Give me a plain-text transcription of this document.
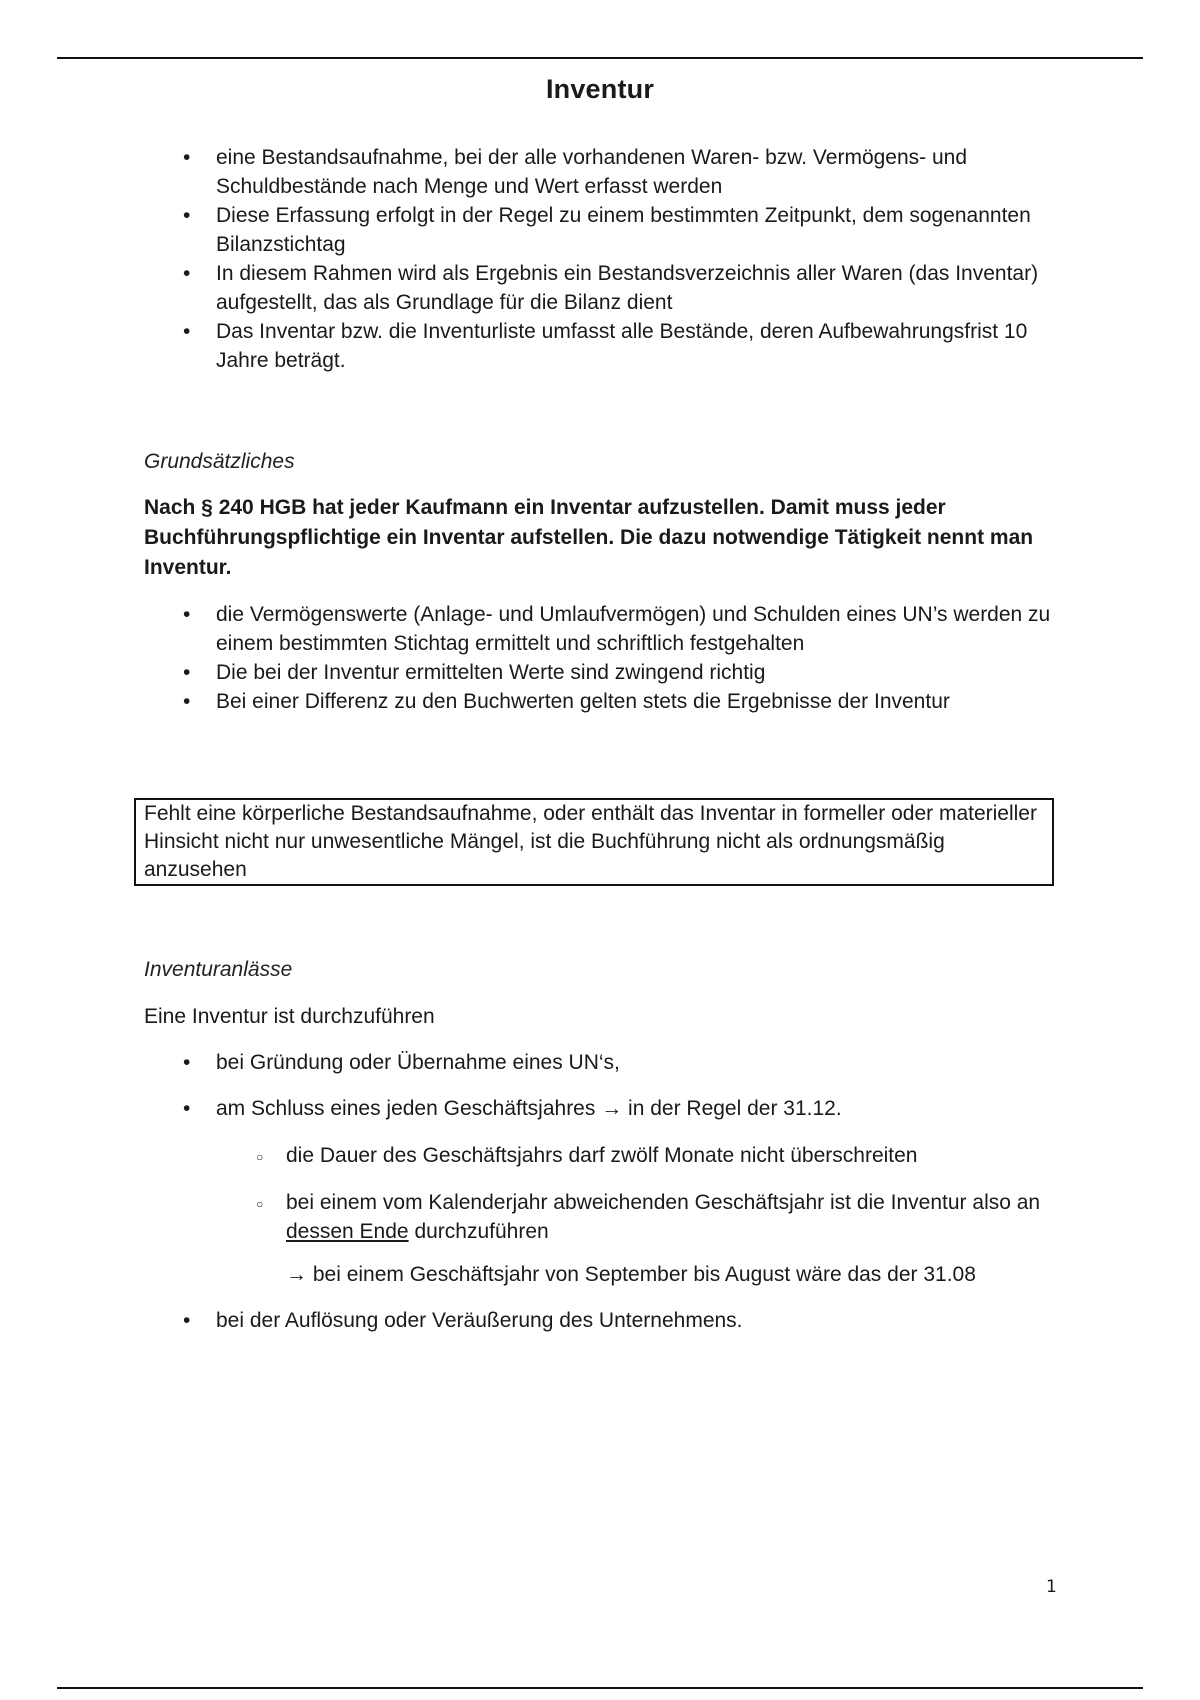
Inventur
• eine Bestandsaufnahme, bei der alle vorhandenen Waren- bzw. Vermögens- und Schuldbestände nach Menge und Wert erfasst werden
• Diese Erfassung erfolgt in der Regel zu einem bestimmten Zeitpunkt, dem sogenannten Bilanzstichtag
• In diesem Rahmen wird als Ergebnis ein Bestandsverzeichnis aller Waren (das Inventar) aufgestellt, das als Grundlage für die Bilanz dient
• Das Inventar bzw. die Inventurliste umfasst alle Bestände, deren Aufbewahrungsfrist 10 Jahre beträgt.
Grundsätzliches
Nach § 240 HGB hat jeder Kaufmann ein Inventar aufzustellen. Damit muss jeder Buchführungspflichtige ein Inventar aufstellen. Die dazu notwendige Tätigkeit nennt man Inventur.
• die Vermögenswerte (Anlage- und Umlaufvermögen) und Schulden eines UN’s werden zu einem bestimmten Stichtag ermittelt und schriftlich festgehalten
• Die bei der Inventur ermittelten Werte sind zwingend richtig
• Bei einer Differenz zu den Buchwerten gelten stets die Ergebnisse der Inventur
Fehlt eine körperliche Bestandsaufnahme, oder enthält das Inventar in formeller oder materieller Hinsicht nicht nur unwesentliche Mängel, ist die Buchführung nicht als ordnungsmäßig anzusehen
Inventuranlässe
Eine Inventur ist durchzuführen
• bei Gründung oder Übernahme eines UN‘s,
• am Schluss eines jeden Geschäftsjahres → in der Regel der 31.12.
○ die Dauer des Geschäftsjahrs darf zwölf Monate nicht überschreiten
○ bei einem vom Kalenderjahr abweichenden Geschäftsjahr ist die Inventur also an dessen Ende durchzuführen
→ bei einem Geschäftsjahr von September bis August wäre das der 31.08
• bei der Auflösung oder Veräußerung des Unternehmens.
1
